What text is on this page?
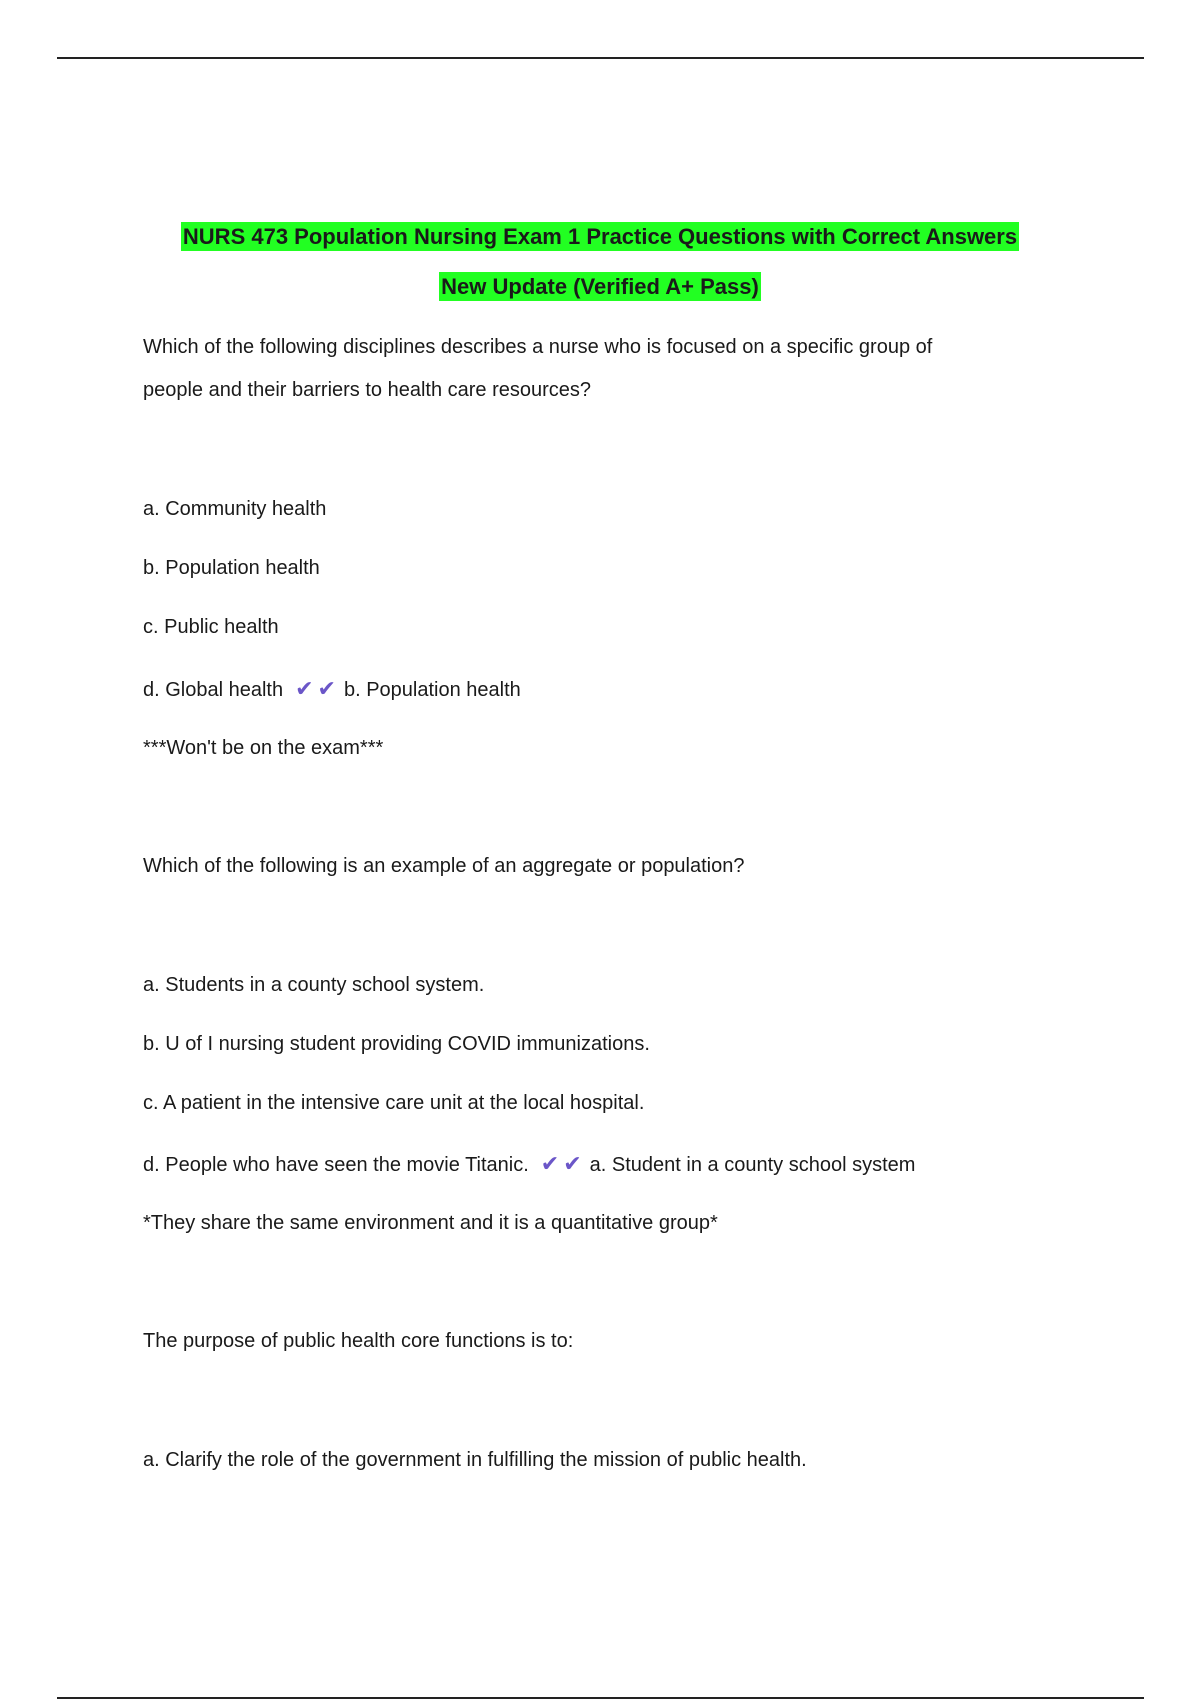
NURS 473 Population Nursing Exam 1 Practice Questions with Correct Answers
New Update (Verified A+ Pass)
Which of the following disciplines describes a nurse who is focused on a specific group of
people and their barriers to health care resources?
a. Community health
b. Population health
c. Public health
d. Global health ✔ ✔ b. Population health
***Won't be on the exam***
Which of the following is an example of an aggregate or population?
a. Students in a county school system.
b. U of I nursing student providing COVID immunizations.
c. A patient in the intensive care unit at the local hospital.
d. People who have seen the movie Titanic. ✔ ✔ a. Student in a county school system
*They share the same environment and it is a quantitative group*
The purpose of public health core functions is to:
a. Clarify the role of the government in fulfilling the mission of public health.
